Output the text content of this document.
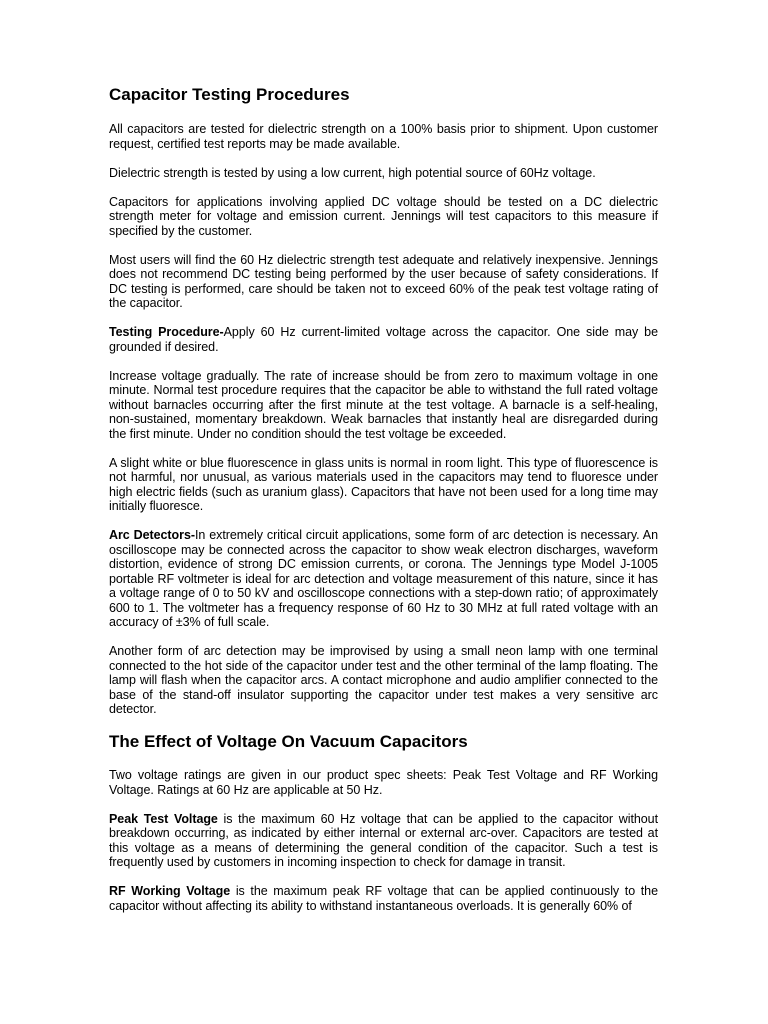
Capacitor Testing Procedures

All capacitors are tested for dielectric strength on a 100% basis prior to shipment. Upon customer request, certified test reports may be made available.

Dielectric strength is tested by using a low current, high potential source of 60Hz voltage.

Capacitors for applications involving applied DC voltage should be tested on a DC dielectric strength meter for voltage and emission current. Jennings will test capacitors to this measure if specified by the customer.

Most users will find the 60 Hz dielectric strength test adequate and relatively inexpensive. Jennings does not recommend DC testing being performed by the user because of safety considerations. If DC testing is performed, care should be taken not to exceed 60% of the peak test voltage rating of the capacitor.

Testing Procedure-Apply 60 Hz current-limited voltage across the capacitor. One side may be grounded if desired.

Increase voltage gradually. The rate of increase should be from zero to maximum voltage in one minute. Normal test procedure requires that the capacitor be able to withstand the full rated voltage without barnacles occurring after the first minute at the test voltage. A barnacle is a self-healing, non-sustained, momentary breakdown. Weak barnacles that instantly heal are disregarded during the first minute. Under no condition should the test voltage be exceeded.

A slight white or blue fluorescence in glass units is normal in room light. This type of fluorescence is not harmful, nor unusual, as various materials used in the capacitors may tend to fluoresce under high electric fields (such as uranium glass). Capacitors that have not been used for a long time may initially fluoresce.

Arc Detectors-In extremely critical circuit applications, some form of arc detection is necessary. An oscilloscope may be connected across the capacitor to show weak electron discharges, waveform distortion, evidence of strong DC emission currents, or corona. The Jennings type Model J-1005 portable RF voltmeter is ideal for arc detection and voltage measurement of this nature, since it has a voltage range of 0 to 50 kV and oscilloscope connections with a step-down ratio; of approximately 600 to 1. The voltmeter has a frequency response of 60 Hz to 30 MHz at full rated voltage with an accuracy of ±3% of full scale.

Another form of arc detection may be improvised by using a small neon lamp with one terminal connected to the hot side of the capacitor under test and the other terminal of the lamp floating. The lamp will flash when the capacitor arcs. A contact microphone and audio amplifier connected to the base of the stand-off insulator supporting the capacitor under test makes a very sensitive arc detector.

The Effect of Voltage On Vacuum Capacitors

Two voltage ratings are given in our product spec sheets: Peak Test Voltage and RF Working Voltage. Ratings at 60 Hz are applicable at 50 Hz.

Peak Test Voltage is the maximum 60 Hz voltage that can be applied to the capacitor without breakdown occurring, as indicated by either internal or external arc-over. Capacitors are tested at this voltage as a means of determining the general condition of the capacitor. Such a test is frequently used by customers in incoming inspection to check for damage in transit.

RF Working Voltage is the maximum peak RF voltage that can be applied continuously to the capacitor without affecting its ability to withstand instantaneous overloads. It is generally 60% of
